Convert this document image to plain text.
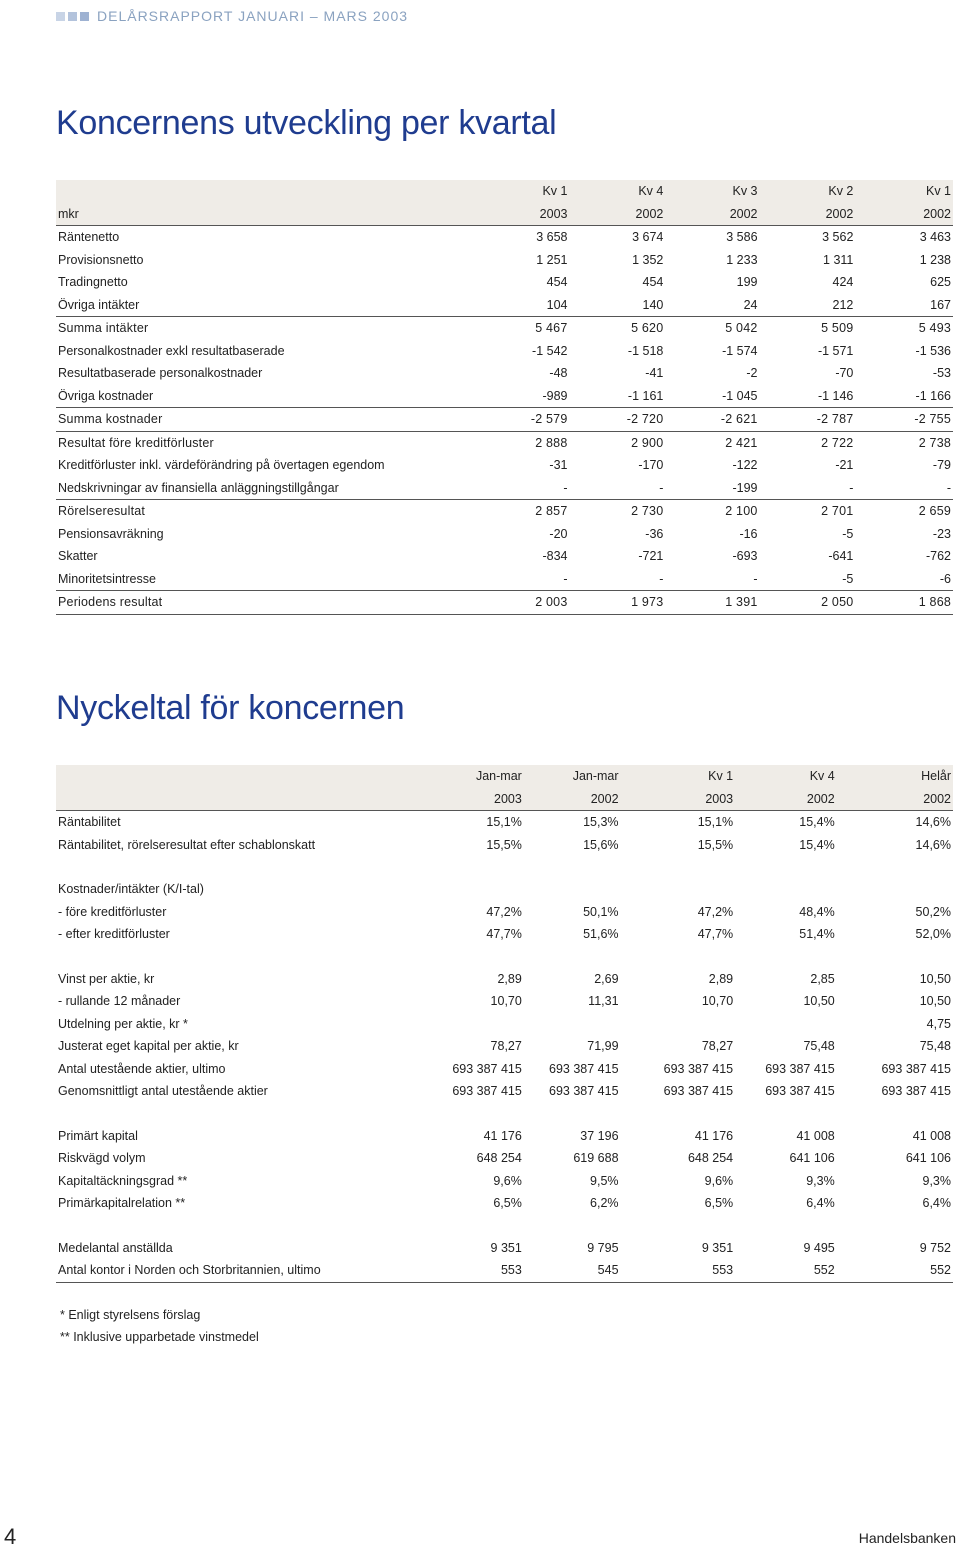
DELÅRSRAPPORT JANUARI – MARS 2003
Koncernens utveckling per kvartal
	Kv 1	Kv 4	Kv 3	Kv 2	Kv 1
mkr	2003	2002	2002	2002	2002
Räntenetto	3 658	3 674	3 586	3 562	3 463
Provisionsnetto	1 251	1 352	1 233	1 311	1 238
Tradingnetto	454	454	199	424	625
Övriga intäkter	104	140	24	212	167
Summa intäkter	5 467	5 620	5 042	5 509	5 493
Personalkostnader exkl resultatbaserade	-1 542	-1 518	-1 574	-1 571	-1 536
Resultatbaserade personalkostnader	-48	-41	-2	-70	-53
Övriga kostnader	-989	-1 161	-1 045	-1 146	-1 166
Summa kostnader	-2 579	-2 720	-2 621	-2 787	-2 755
Resultat före kreditförluster	2 888	2 900	2 421	2 722	2 738
Kreditförluster inkl. värdeförändring på övertagen egendom	-31	-170	-122	-21	-79
Nedskrivningar av finansiella anläggningstillgångar	-	-	-199	-	-
Rörelseresultat	2 857	2 730	2 100	2 701	2 659
Pensionsavräkning	-20	-36	-16	-5	-23
Skatter	-834	-721	-693	-641	-762
Minoritetsintresse	-	-	-	-5	-6
Periodens resultat	2 003	1 973	1 391	2 050	1 868
Nyckeltal för koncernen
	Jan-mar	Jan-mar	Kv 1	Kv 4	Helår
	2003	2002	2003	2002	2002
Räntabilitet	15,1%	15,3%	15,1%	15,4%	14,6%
Räntabilitet, rörelseresultat efter schablonskatt	15,5%	15,6%	15,5%	15,4%	14,6%

Kostnader/intäkter (K/I-tal)					
- före kreditförluster	47,2%	50,1%	47,2%	48,4%	50,2%
- efter kreditförluster	47,7%	51,6%	47,7%	51,4%	52,0%

Vinst per aktie, kr	2,89	2,69	2,89	2,85	10,50
- rullande 12 månader	10,70	11,31	10,70	10,50	10,50
Utdelning per aktie, kr *					4,75
Justerat eget kapital per aktie, kr	78,27	71,99	78,27	75,48	75,48
Antal utestående aktier, ultimo	693 387 415	693 387 415	693 387 415	693 387 415	693 387 415
Genomsnittligt antal utestående aktier	693 387 415	693 387 415	693 387 415	693 387 415	693 387 415

Primärt kapital	41 176	37 196	41 176	41 008	41 008
Riskvägd volym	648 254	619 688	648 254	641 106	641 106
Kapitaltäckningsgrad **	9,6%	9,5%	9,6%	9,3%	9,3%
Primärkapitalrelation **	6,5%	6,2%	6,5%	6,4%	6,4%

Medelantal anställda	9 351	9 795	9 351	9 495	9 752
Antal kontor i Norden och Storbritannien, ultimo	553	545	553	552	552
* Enligt styrelsens förslag
** Inklusive upparbetade vinstmedel
4	Handelsbanken
